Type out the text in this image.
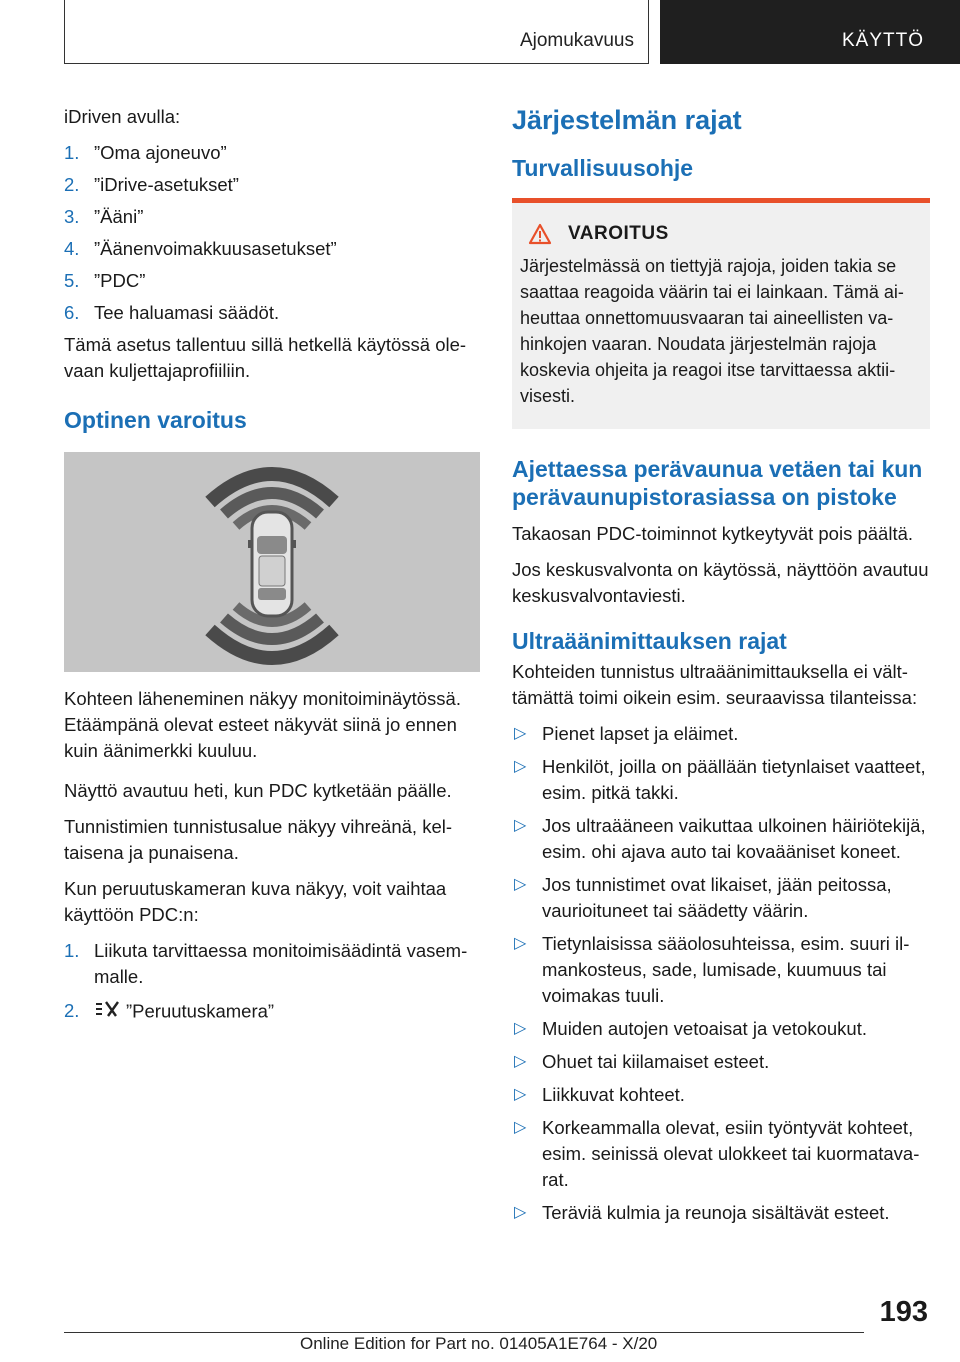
Ajomukavuus	KÄYTTÖ

iDriven avulla:

1. ”Oma ajoneuvo”
2. ”iDrive-asetukset”
3. ”Ääni”
4. ”Äänenvoimakkuusasetukset”
5. ”PDC”
6. Tee haluamasi säädöt.

Tämä asetus tallentuu sillä hetkellä käytössä olevaan kuljettajaprofiiliin.

Optinen varoitus

Kohteen läheneminen näkyy monitoiminäytössä. Etäämpänä olevat esteet näkyvät siinä jo ennen kuin äänimerkki kuuluu.

Näyttö avautuu heti, kun PDC kytketään päälle.

Tunnistimien tunnistusalue näkyy vihreänä, keltaisena ja punaisena.

Kun peruutuskameran kuva näkyy, voit vaihtaa käyttöön PDC:n:

1. Liikuta tarvittaessa monitoimisäädintä vasemmalle.
2.	”Peruutuskamera”
Järjestelmän rajat
Turvallisuusohje
VAROITUS

Järjestelmässä on tiettyjä rajoja, joiden takia se saattaa reagoida väärin tai ei lainkaan. Tämä aiheuttaa onnettomuusvaaran tai aineellisten vahinkojen vaaran. Noudata järjestelmän rajoja koskevia ohjeita ja reagoi itse tarvittaessa aktiivisesti.

Ajettaessa perävaunua vetäen tai kun perävaunupistorasiassa on pistoke

Takaosan PDC-toiminnot kytkeytyvät pois päältä.

Jos keskusvalvonta on käytössä, näyttöön avautuu keskusvalvontaviesti.

Ultraäänimittauksen rajat

Kohteiden tunnistus ultraäänimittauksella ei välttämättä toimi oikein esim. seuraavissa tilanteissa:

▷ Pienet lapset ja eläimet.
▷ Henkilöt, joilla on päällään tietynlaiset vaatteet, esim. pitkä takki.
▷ Jos ultraääneen vaikuttaa ulkoinen häiriötekijä, esim. ohi ajava auto tai kovaääniset koneet.
▷ Jos tunnistimet ovat likaiset, jään peitossa, vaurioituneet tai säädetty väärin.
▷ Tietynlaisissa sääolosuhteissa, esim. suuri ilmankosteus, sade, lumisade, kuumuus tai voimakas tuuli.
▷ Muiden autojen vetoaisat ja vetokoukut.
▷ Ohuet tai kiilamaiset esteet.
▷ Liikkuvat kohteet.
▷ Korkeammalla olevat, esiin työntyvät kohteet, esim. seinissä olevat ulokkeet tai kuormatavarat.
▷ Teräviä kulmia ja reunoja sisältävät esteet.
193
Online Edition for Part no. 01405A1E764 - X/20
